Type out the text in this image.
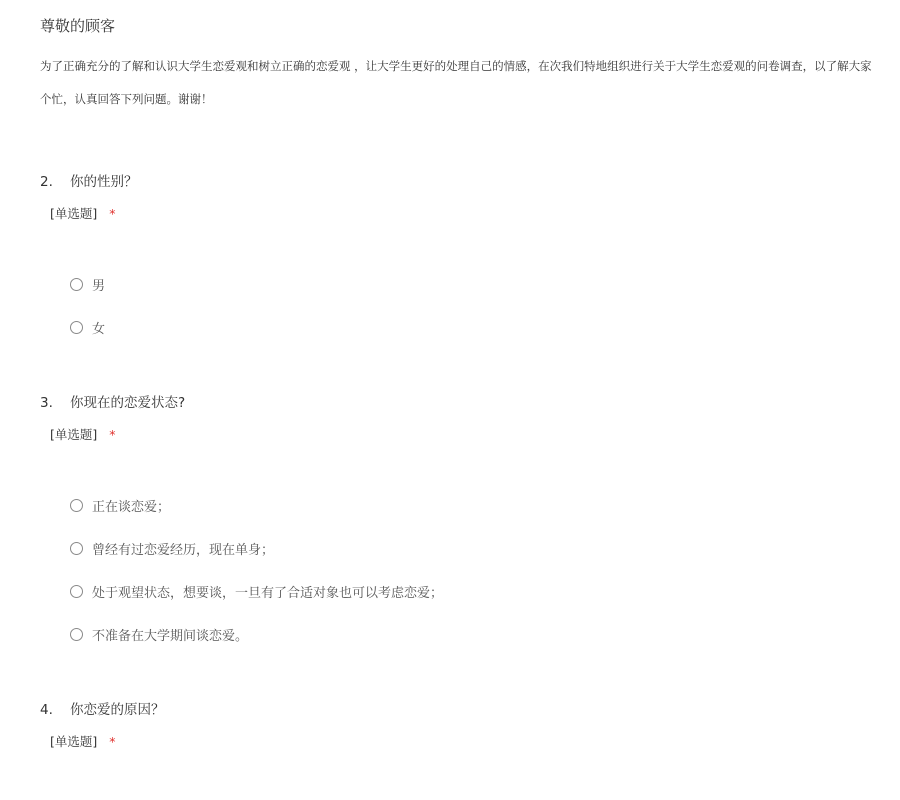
尊敬的顾客
为了正确充分的了解和认识大学生恋爱观和树立正确的恋爱观 ，让大学生更好的处理自己的情感，在次我们特地组织进行关于大学生恋爱观的问卷调查，以了解大家
个忙，认真回答下列问题。谢谢！
2. 你的性别？
[单选题] *
男
女
3. 你现在的恋爱状态?
[单选题] *
正在谈恋爱；
曾经有过恋爱经历，现在单身；
处于观望状态，想要谈，一旦有了合适对象也可以考虑恋爱；
不准备在大学期间谈恋爱。
4. 你恋爱的原因？
[单选题] *
